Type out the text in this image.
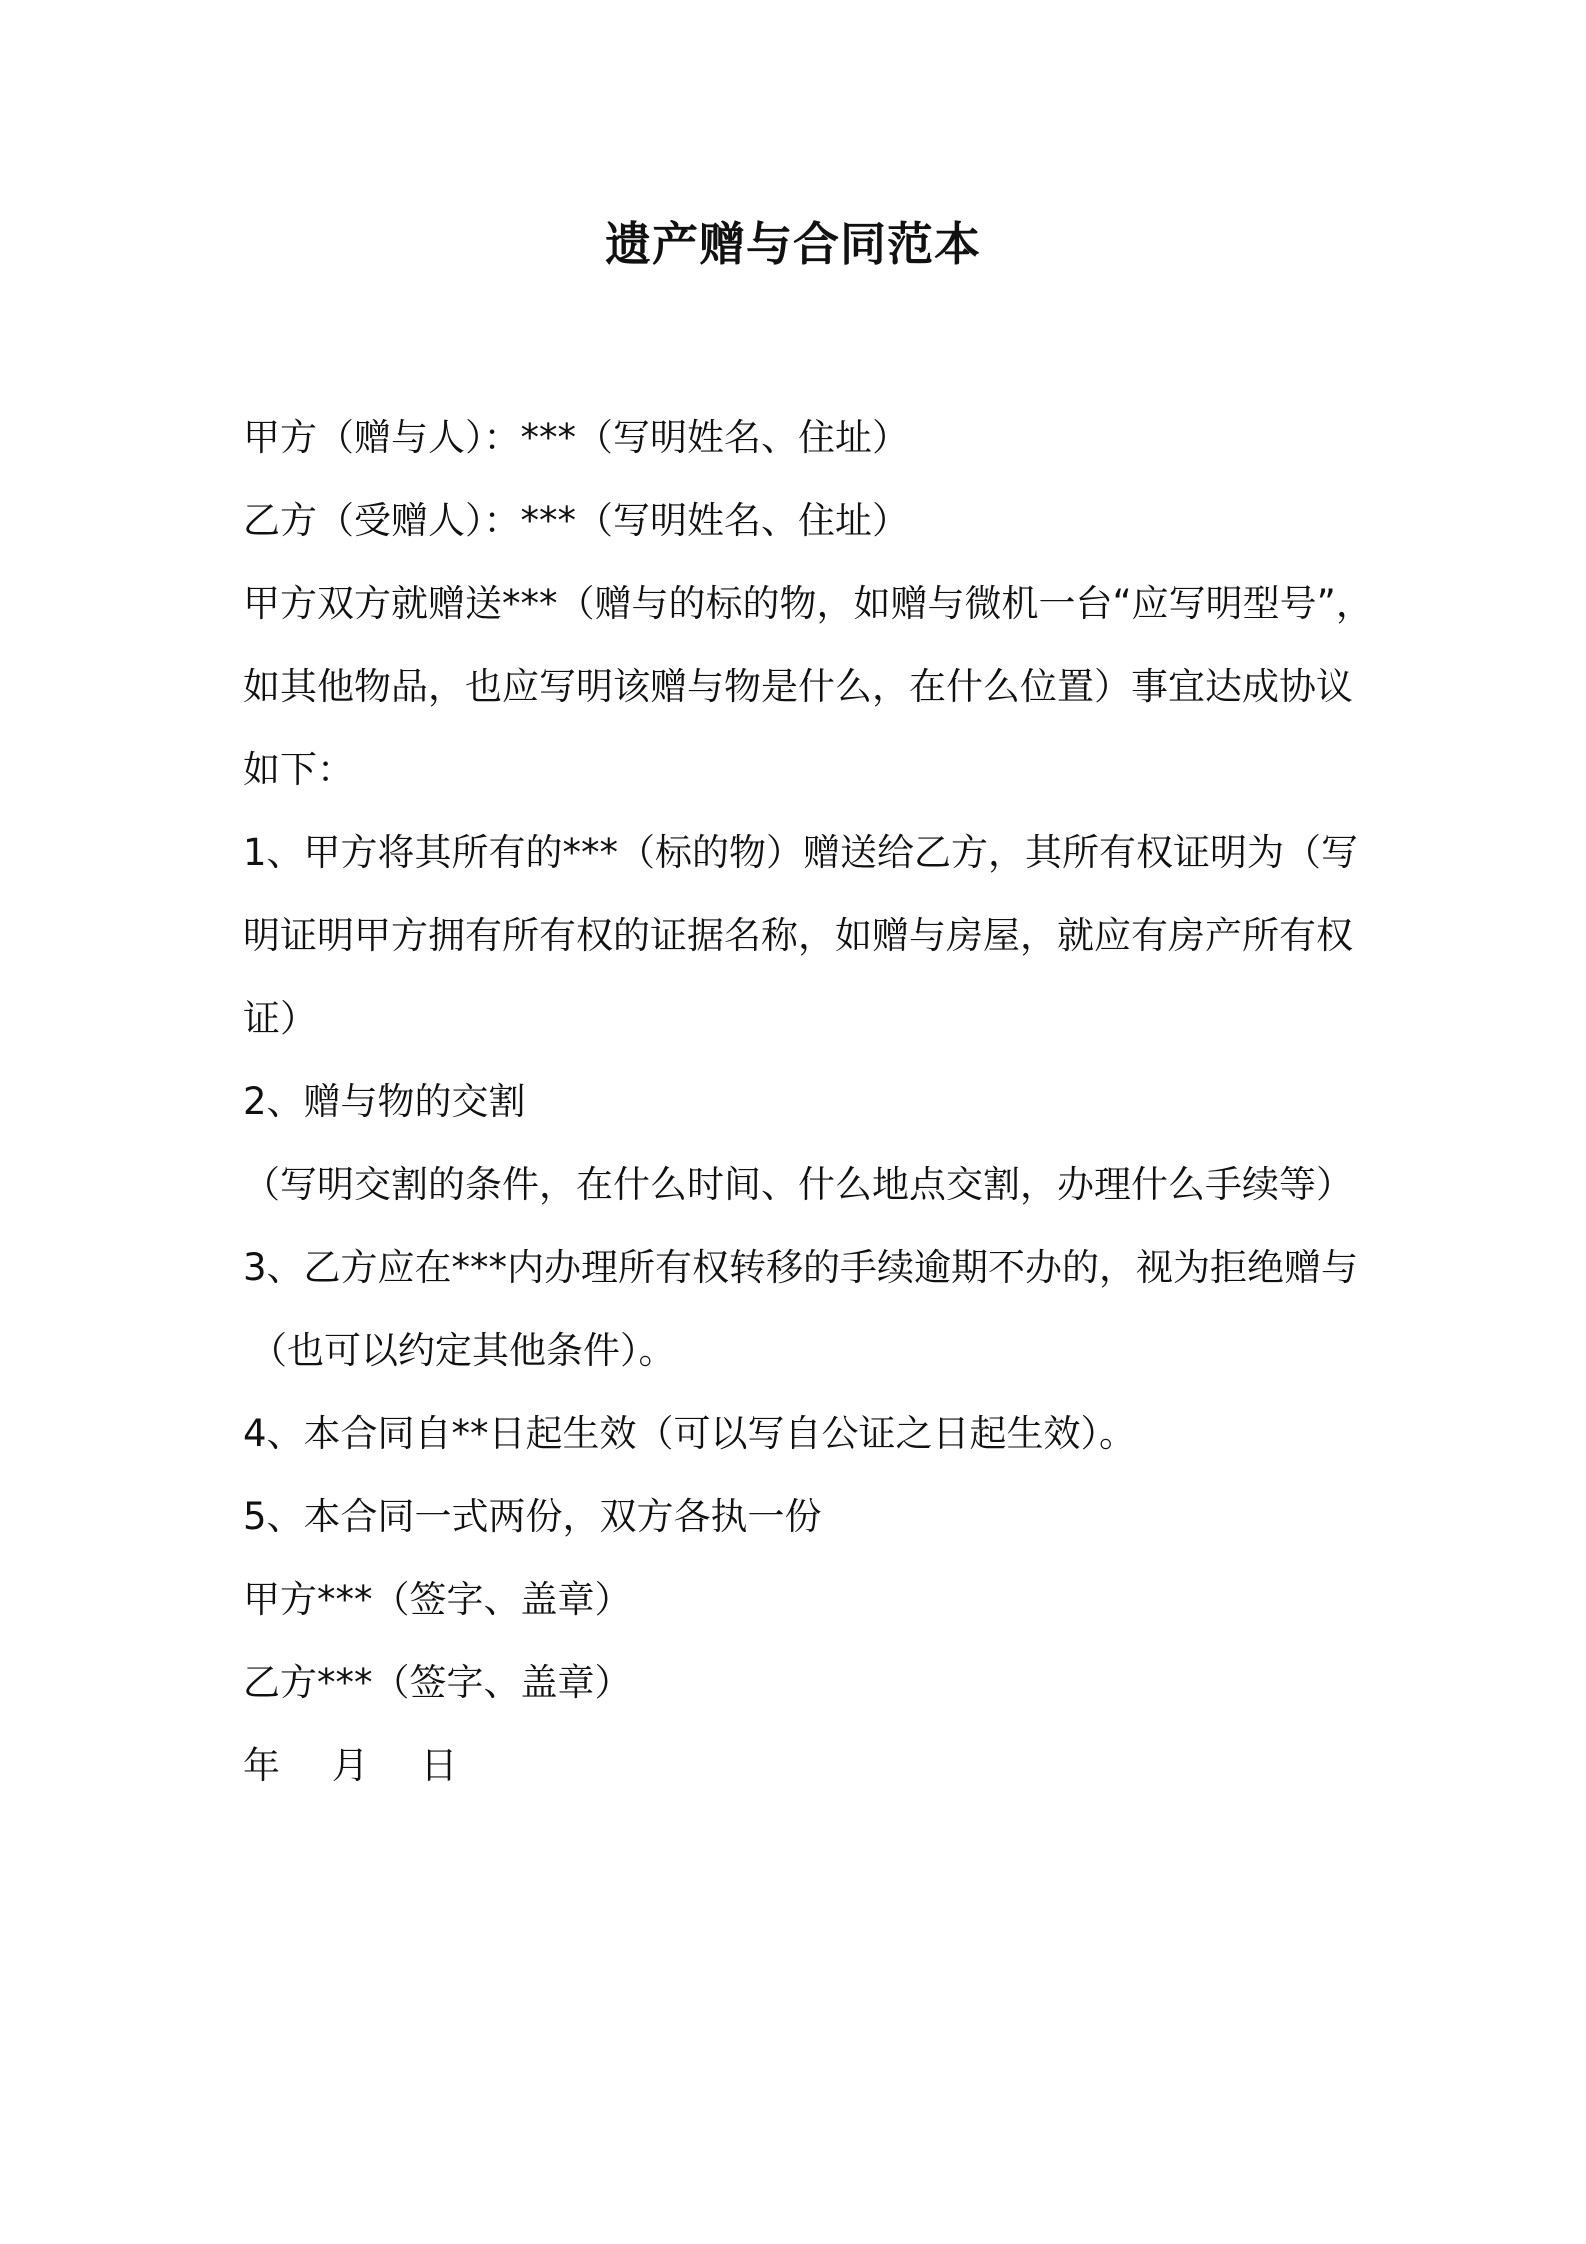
遗产赠与合同范本
甲方（赠与人）：***（写明姓名、住址）
乙方（受赠人）：***（写明姓名、住址）
甲方双方就赠送***（赠与的标的物，如赠与微机一台“应写明型号”，
如其他物品，也应写明该赠与物是什么，在什么位置）事宜达成协议
如下：
1、甲方将其所有的***（标的物）赠送给乙方，其所有权证明为（写
明证明甲方拥有所有权的证据名称，如赠与房屋，就应有房产所有权
证）
2、赠与物的交割
（写明交割的条件，在什么时间、什么地点交割，办理什么手续等）
3、乙方应在***内办理所有权转移的手续逾期不办的，视为拒绝赠与
（也可以约定其他条件）。
4、本合同自**日起生效（可以写自公证之日起生效）。
5、本合同一式两份，双方各执一份
甲方***（签字、盖章）
乙方***（签字、盖章）
年 月 日
